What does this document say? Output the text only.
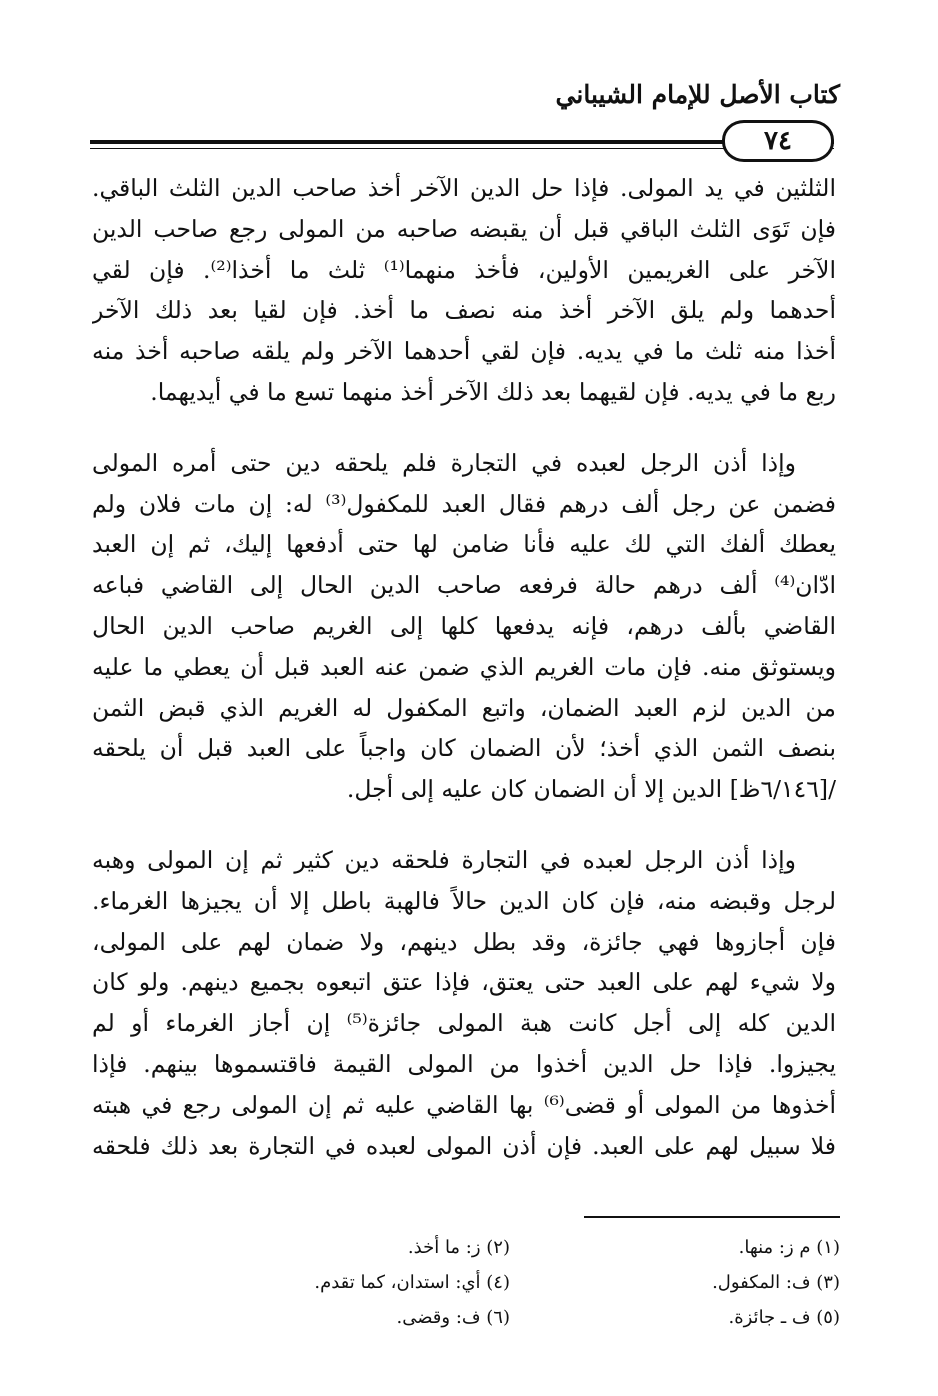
كتاب الأصل للإمام الشيباني
٧٤
الثلثين في يد المولى. فإذا حل الدين الآخر أخذ صاحب الدين الثلث الباقي.
فإن تَوَى الثلث الباقي قبل أن يقبضه صاحبه من المولى رجع صاحب الدين
الآخر على الغريمين الأولين، فأخذ منهما⁽¹⁾ ثلث ما أخذا⁽²⁾. فإن لقي
أحدهما ولم يلق الآخر أخذ منه نصف ما أخذ. فإن لقيا بعد ذلك الآخر
أخذا منه ثلث ما في يديه. فإن لقي أحدهما الآخر ولم يلقه صاحبه أخذ منه
ربع ما في يديه. فإن لقيهما بعد ذلك الآخر أخذ منهما تسع ما في أيديهما.
وإذا أذن الرجل لعبده في التجارة فلم يلحقه دين حتى أمره المولى
فضمن عن رجل ألف درهم فقال العبد للمكفول⁽³⁾ له: إن مات فلان ولم
يعطك ألفك التي لك عليه فأنا ضامن لها حتى أدفعها إليك، ثم إن العبد
ادّان⁽⁴⁾ ألف درهم حالة فرفعه صاحب الدين الحال إلى القاضي فباعه
القاضي بألف درهم، فإنه يدفعها كلها إلى الغريم صاحب الدين الحال
ويستوثق منه. فإن مات الغريم الذي ضمن عنه العبد قبل أن يعطي ما عليه
من الدين لزم العبد الضمان، واتبع المكفول له الغريم الذي قبض الثمن
بنصف الثمن الذي أخذ؛ لأن الضمان كان واجباً على العبد قبل أن يلحقه
/[٦/١٤٦ظ] الدين إلا أن الضمان كان عليه إلى أجل.
وإذا أذن الرجل لعبده في التجارة فلحقه دين كثير ثم إن المولى وهبه
لرجل وقبضه منه، فإن كان الدين حالاً فالهبة باطل إلا أن يجيزها الغرماء.
فإن أجازوها فهي جائزة، وقد بطل دينهم، ولا ضمان لهم على المولى،
ولا شيء لهم على العبد حتى يعتق، فإذا عتق اتبعوه بجميع دينهم. ولو كان
الدين كله إلى أجل كانت هبة المولى جائزة⁽⁵⁾ إن أجاز الغرماء أو لم
يجيزوا. فإذا حل الدين أخذوا من المولى القيمة فاقتسموها بينهم. فإذا
أخذوها من المولى أو قضى⁽⁶⁾ بها القاضي عليه ثم إن المولى رجع في هبته
فلا سبيل لهم على العبد. فإن أذن المولى لعبده في التجارة بعد ذلك فلحقه
(١) م ز: منها.
(٢) ز: ما أخذ.
(٣) ف: المكفول.
(٤) أي: استدان، كما تقدم.
(٥) ف ـ جائزة.
(٦) ف: وقضى.
